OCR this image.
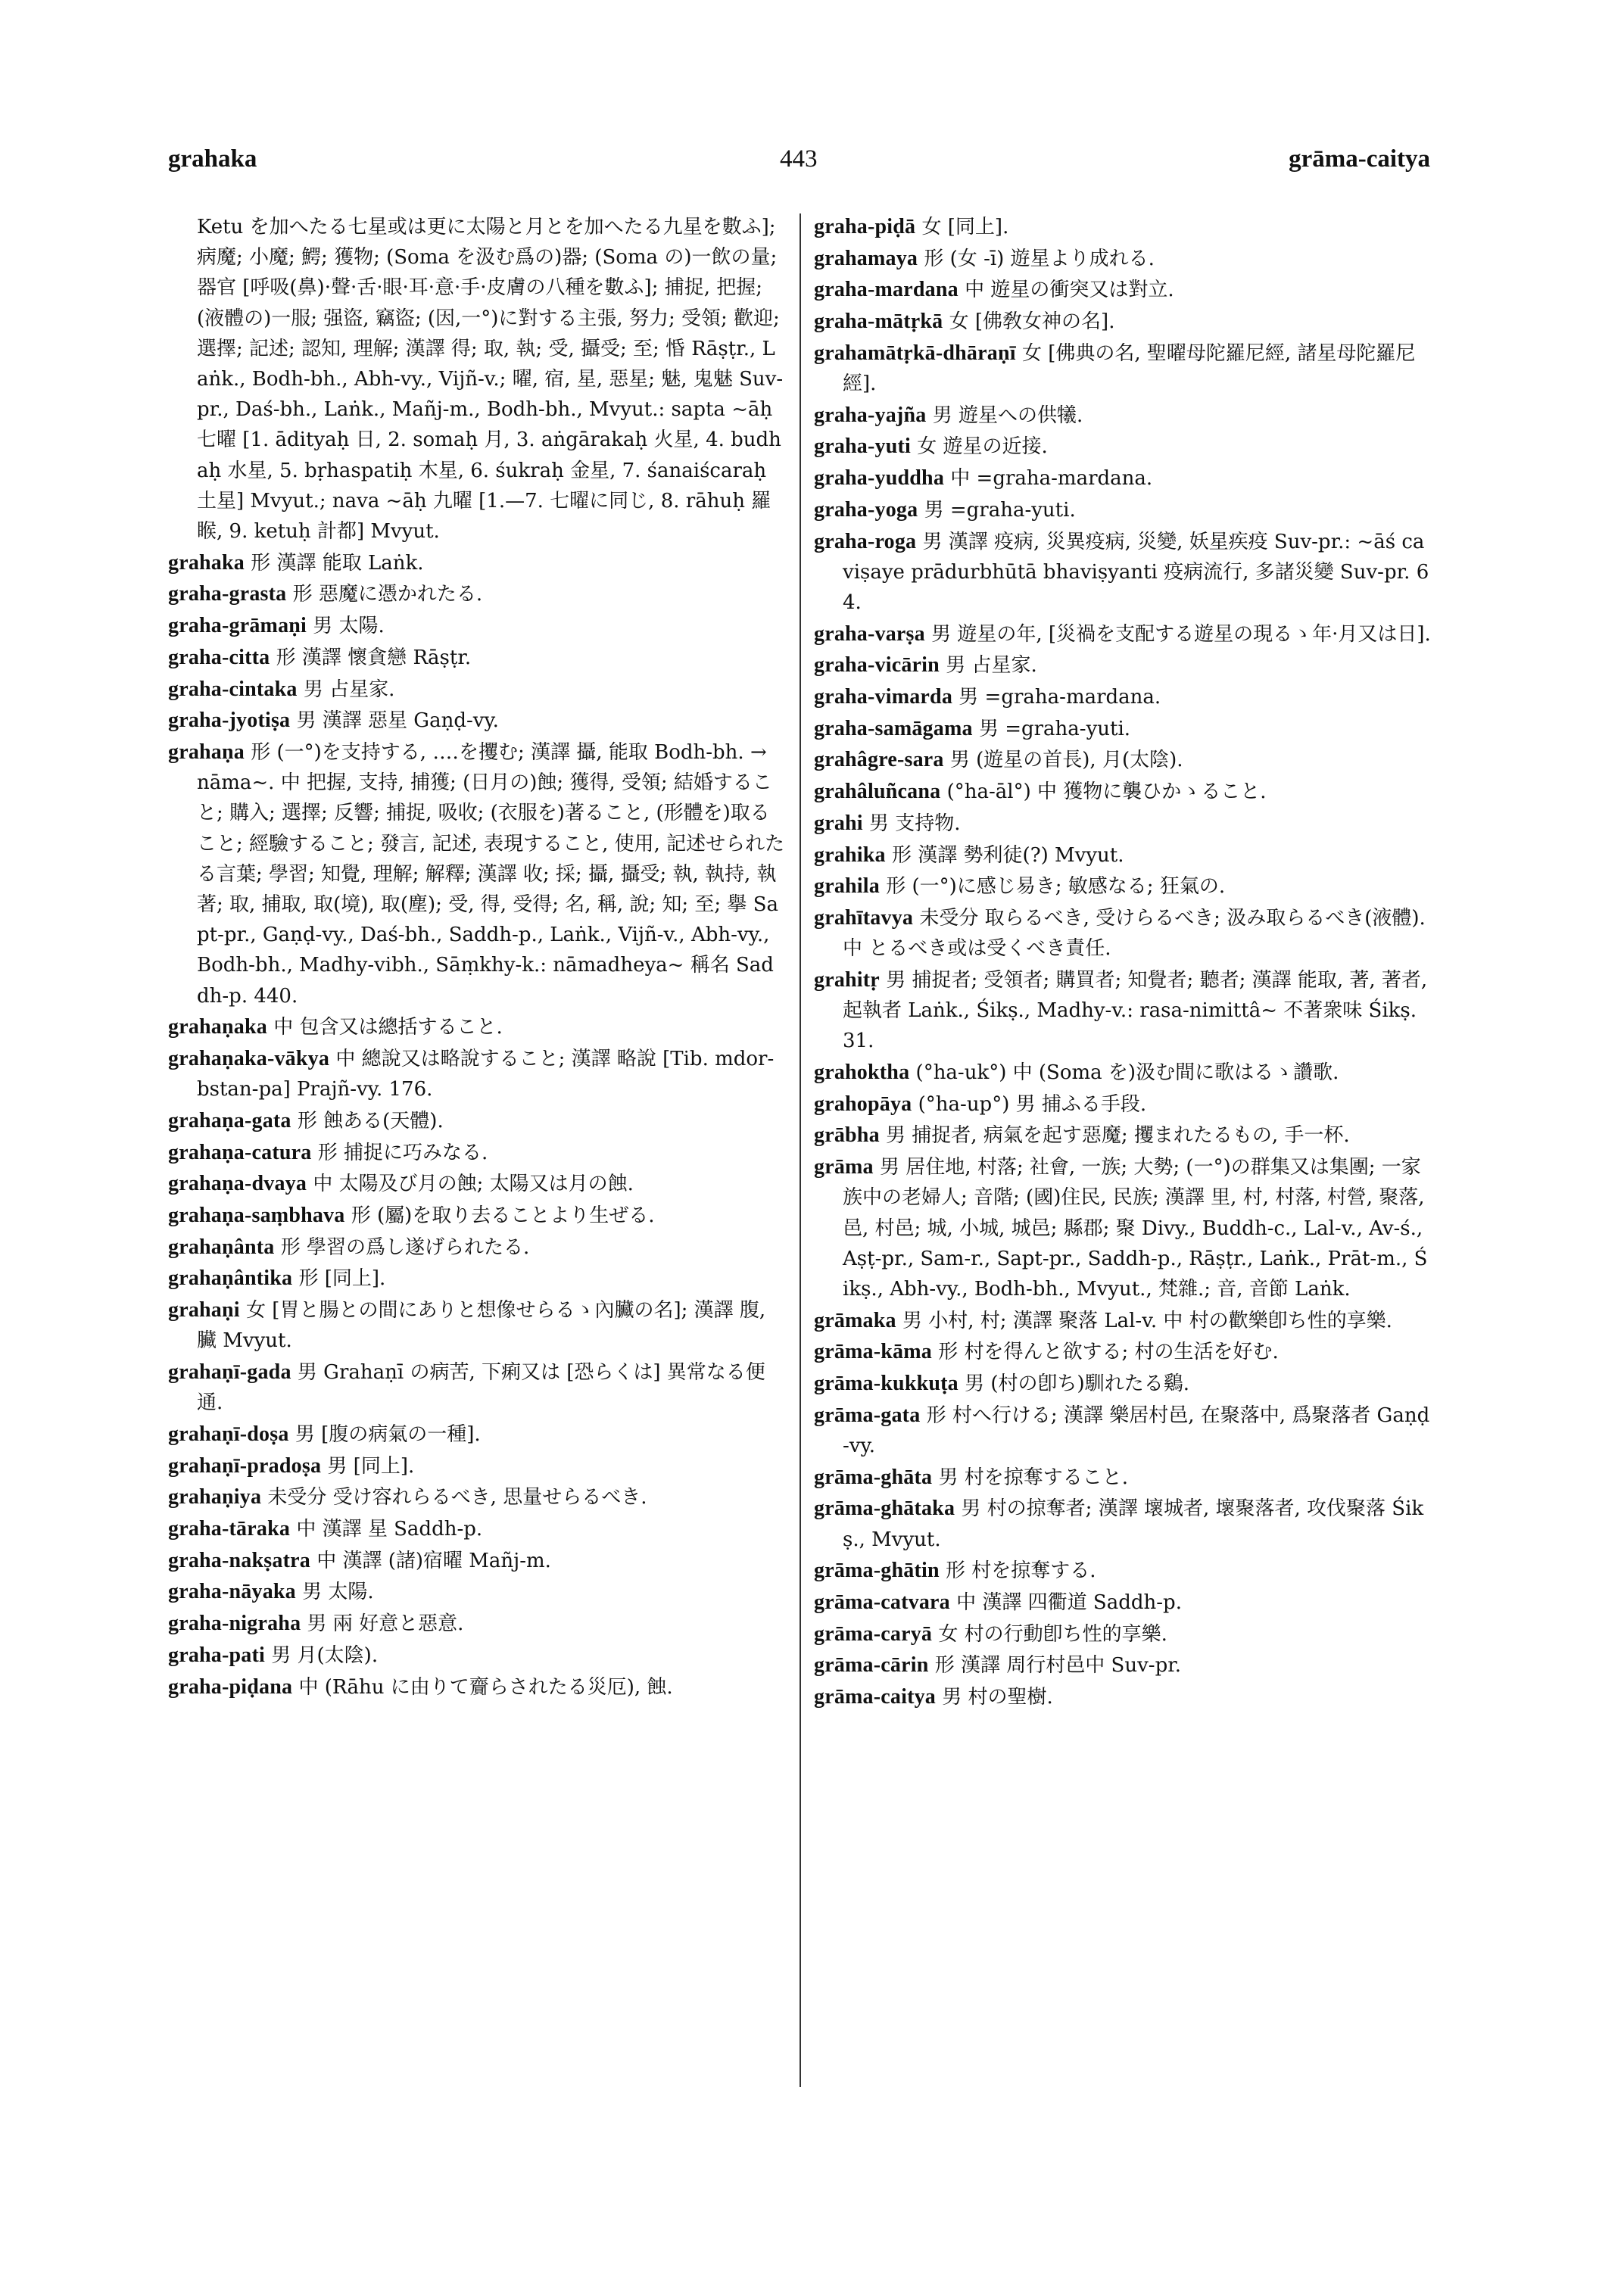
grahaka	443	grāma-caitya
Ketu を加へたる七星或は更に太陽と月とを加へたる九星を數ふ]; 病魔; 小魔; 鰐; 獲物; (Soma を汲む爲の)器; (Soma の)一飲の量; 器官 [呼吸(鼻)·聲·舌·眼·耳·意·手·皮膚の八種を數ふ]; 捕捉, 把握; (液體の)一服; 强盜, 竊盜; (因,一°)に對する主張, 努力; 受領; 歡迎; 選擇; 記述; 認知, 理解; 漢譯 得; 取, 執; 受, 攝受; 至; 惛 Rāṣṭr., Laṅk., Bodh-bh., Abh-vy., Vijñ-v.; 曜, 宿, 星, 惡星; 魅, 鬼魅 Suv-pr., Daś-bh., Laṅk., Mañj-m., Bodh-bh., Mvyut.: sapta ~āḥ 七曜 [1. ādityaḥ 日, 2. somaḥ 月, 3. aṅgārakaḥ 火星, 4. budhaḥ 水星, 5. bṛhaspatiḥ 木星, 6. śukraḥ 金星, 7. śanaiścaraḥ 土星] Mvyut.; nava ~āḥ 九曜 [1.—7. 七曜に同じ, 8. rāhuḥ 羅睺, 9. ketuḥ 計都] Mvyut.
grahaka 形 漢譯 能取 Laṅk.
graha-grasta 形 惡魔に憑かれたる.
graha-grāmaṇi 男 太陽.
graha-citta 形 漢譯 懷貪戀 Rāṣṭr.
graha-cintaka 男 占星家.
graha-jyotiṣa 男 漢譯 惡星 Gaṇḍ-vy.
grahaṇa 形 (一°)を支持する, ‥‥を攫む; 漢譯 攝, 能取 Bodh-bh. → nāma~. 中 把握, 支持, 捕獲; (日月の)蝕; 獲得, 受領; 結婚すること; 購入; 選擇; 反響; 捕捉, 吸收; (衣服を)著ること, (形體を)取ること; 經驗すること; 發言, 記述, 表現すること, 使用, 記述せられたる言葉; 學習; 知覺, 理解; 解釋; 漢譯 收; 採; 攝, 攝受; 執, 執持, 執著; 取, 捕取, 取(境), 取(塵); 受, 得, 受得; 名, 稱, 說; 知; 至; 擧 Sapt-pr., Gaṇḍ-vy., Daś-bh., Saddh-p., Laṅk., Vijñ-v., Abh-vy., Bodh-bh., Madhy-vibh., Sāṃkhy-k.: nāmadheya~ 稱名 Saddh-p. 440.
grahaṇaka 中 包含又は總括すること.
grahaṇaka-vākya 中 總說又は略說すること; 漢譯 略說 [Tib. mdor-bstan-pa] Prajñ-vy. 176.
grahaṇa-gata 形 蝕ある(天體).
grahaṇa-catura 形 捕捉に巧みなる.
grahaṇa-dvaya 中 太陽及び月の蝕; 太陽又は月の蝕.
grahaṇa-saṃbhava 形 (屬)を取り去ることより生ぜる.
grahaṇânta 形 學習の爲し遂げられたる.
grahaṇântika 形 [同上].
grahaṇi 女 [胃と腸との間にありと想像せらるゝ內臟の名]; 漢譯 腹, 臟 Mvyut.
grahaṇī-gada 男 Grahaṇī の病苦, 下痢又は [恐らくは] 異常なる便通.
grahaṇī-doṣa 男 [腹の病氣の一種].
grahaṇī-pradoṣa 男 [同上].
grahaṇiya 未受分 受け容れらるべき, 思量せらるべき.
graha-tāraka 中 漢譯 星 Saddh-p.
graha-nakṣatra 中 漢譯 (諸)宿曜 Mañj-m.
graha-nāyaka 男 太陽.
graha-nigraha 男 兩 好意と惡意.
graha-pati 男 月(太陰).
graha-piḍana 中 (Rāhu に由りて齎らされたる災厄), 蝕.
graha-piḍā 女 [同上].
grahamaya 形 (女 -ī) 遊星より成れる.
graha-mardana 中 遊星の衝突又は對立.
graha-mātṛkā 女 [佛敎女神の名].
grahamātṛkā-dhāraṇī 女 [佛典の名, 聖曜母陀羅尼經, 諸星母陀羅尼經].
graha-yajña 男 遊星への供犧.
graha-yuti 女 遊星の近接.
graha-yuddha 中 =graha-mardana.
graha-yoga 男 =graha-yuti.
graha-roga 男 漢譯 疫病, 災異疫病, 災變, 妖星疾疫 Suv-pr.: ~āś ca viṣaye prādurbhūtā bhaviṣyanti 疫病流行, 多諸災變 Suv-pr. 64.
graha-varṣa 男 遊星の年, [災禍を支配する遊星の現るゝ年·月又は日].
graha-vicārin 男 占星家.
graha-vimarda 男 =graha-mardana.
graha-samāgama 男 =graha-yuti.
grahâgre-sara 男 (遊星の首長), 月(太陰).
grahâluñcana (°ha-āl°) 中 獲物に襲ひかゝること.
grahi 男 支持物.
grahika 形 漢譯 勢利徒(?) Mvyut.
grahila 形 (一°)に感じ易き; 敏感なる; 狂氣の.
grahītavya 未受分 取らるべき, 受けらるべき; 汲み取らるべき(液體). 中 とるべき或は受くべき責任.
grahitṛ 男 捕捉者; 受領者; 購買者; 知覺者; 聽者; 漢譯 能取, 著, 著者, 起執者 Laṅk., Śikṣ., Madhy-v.: rasa-nimittâ~ 不著衆味 Śikṣ. 31.
grahoktha (°ha-uk°) 中 (Soma を)汲む間に歌はるゝ讚歌.
grahopāya (°ha-up°) 男 捕ふる手段.
grābha 男 捕捉者, 病氣を起す惡魔; 攫まれたるもの, 手一杯.
grāma 男 居住地, 村落; 社會, 一族; 大勢; (一°)の群集又は集團; 一家族中の老婦人; 音階; (國)住民, 民族; 漢譯 里, 村, 村落, 村營, 聚落, 邑, 村邑; 城, 小城, 城邑; 縣郡; 聚 Divy., Buddh-c., Lal-v., Av-ś., Aṣṭ-pr., Sam-r., Sapt-pr., Saddh-p., Rāṣṭr., Laṅk., Prāt-m., Śikṣ., Abh-vy., Bodh-bh., Mvyut., 梵雜.; 音, 音節 Laṅk.
grāmaka 男 小村, 村; 漢譯 聚落 Lal-v. 中 村の歡樂卽ち性的享樂.
grāma-kāma 形 村を得んと欲する; 村の生活を好む.
grāma-kukkuṭa 男 (村の卽ち)馴れたる鷄.
grāma-gata 形 村へ行ける; 漢譯 樂居村邑, 在聚落中, 爲聚落者 Gaṇḍ-vy.
grāma-ghāta 男 村を掠奪すること.
grāma-ghātaka 男 村の掠奪者; 漢譯 壞城者, 壞聚落者, 攻伐聚落 Śikṣ., Mvyut.
grāma-ghātin 形 村を掠奪する.
grāma-catvara 中 漢譯 四衢道 Saddh-p.
grāma-caryā 女 村の行動卽ち性的享樂.
grāma-cārin 形 漢譯 周行村邑中 Suv-pr.
grāma-caitya 男 村の聖樹.
